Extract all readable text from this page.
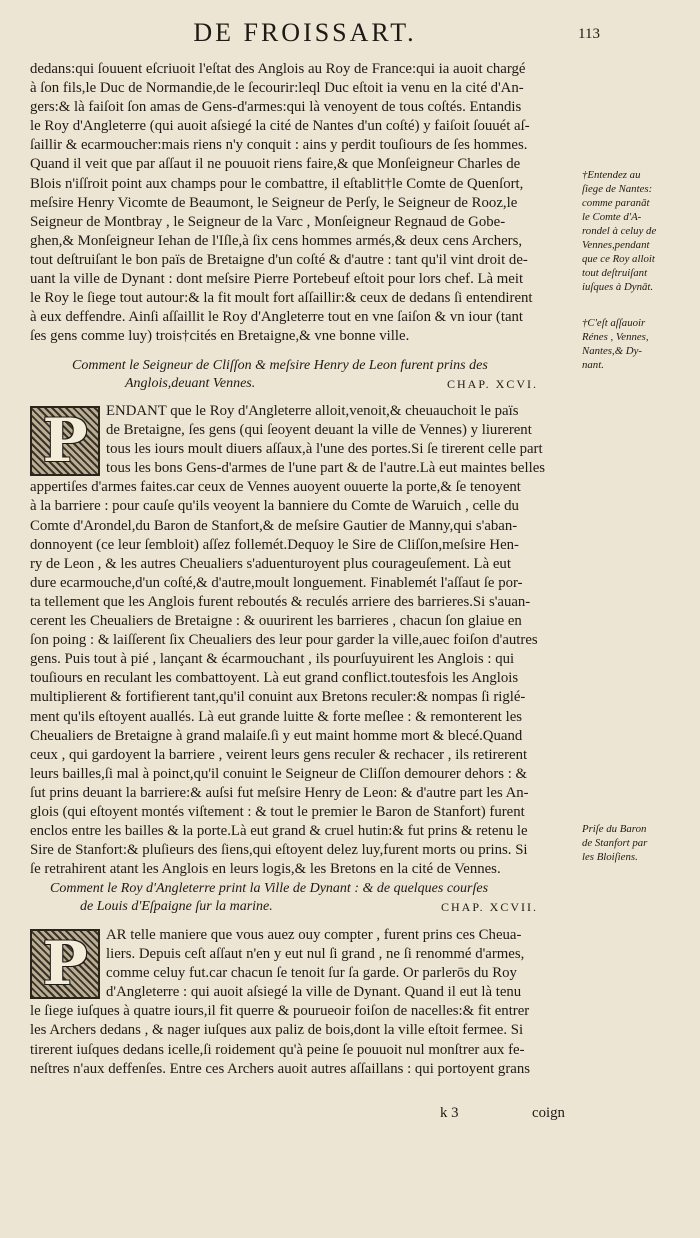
DE FROISSART.	113
dedans:qui ſouuent eſcriuoit l'eſtat des Anglois au Roy de France:qui ia auoit chargé
à ſon fils,le Duc de Normandie,de le ſecourir:leql Duc eſtoit ia venu en la cité d'An-
gers:& là faiſoit ſon amas de Gens-d'armes:qui là venoyent de tous coſtés. Entandis
le Roy d'Angleterre (qui auoit aſsiegé la cité de Nantes d'un coſté) y faiſoit ſouuét aſ-
ſaillir & ecarmoucher:mais riens n'y conquit : ains y perdit touſiours de ſes hommes.
Quand il veit que par aſſaut il ne pouuoit riens faire,& que Monſeigneur Charles de
Blois n'iſſroit point aux champs pour le combattre, il eſtablit†le Comte de Quenſort,
meſsire Henry Vicomte de Beaumont, le Seigneur de Perſy, le Seigneur de Rooz,le
Seigneur de Montbray , le Seigneur de la Varc , Monſeigneur Regnaud de Gobe-
ghen,& Monſeigneur Iehan de l'Iſle,à ſix cens hommes armés,& deux cens Archers,
tout deſtruiſant le bon païs de Bretaigne d'un coſté & d'autre : tant qu'il vint droit de-
uant la ville de Dynant : dont meſsire Pierre Portebeuf eſtoit pour lors chef. Là meit
le Roy le ſiege tout autour:& la fit moult fort aſſaillir:& ceux de dedans ſi entendirent
à eux deffendre. Ainſi aſſaillit le Roy d'Angleterre tout en vne ſaiſon & vn iour (tant
ſes gens comme luy) trois†cités en Bretaigne,& vne bonne ville.
Comment le Seigneur de Cliſſon & meſsire Henry de Leon furent prins des
Anglois,deuant Vennes.	CHAP. XCVI.
P	ENDANT que le Roy d'Angleterre alloit,venoit,& cheuauchoit le païs
de Bretaigne, ſes gens (qui ſeoyent deuant la ville de Vennes) y liurerent
tous les iours moult diuers aſſaux,à l'une des portes.Si ſe tirerent celle part
tous les bons Gens-d'armes de l'une part & de l'autre.Là eut maintes belles
appertiſes d'armes faites.car ceux de Vennes auoyent ouuerte la porte,& ſe tenoyent
à la barriere : pour cauſe qu'ils veoyent la banniere du Comte de Waruich , celle du
Comte d'Arondel,du Baron de Stanfort,& de meſsire Gautier de Manny,qui s'aban-
donnoyent (ce leur ſembloit) aſſez follemét.Dequoy le Sire de Cliſſon,meſsire Hen-
ry de Leon , & les autres Cheualiers s'aduenturoyent plus courageuſement. Là eut
dure ecarmouche,d'un coſté,& d'autre,moult longuement. Finablemét l'aſſaut ſe por-
ta tellement que les Anglois furent reboutés & reculés arriere des barrieres.Si s'auan-
cerent les Cheualiers de Bretaigne : & ouurirent les barrieres , chacun ſon glaiue en
ſon poing : & laiſſerent ſix Cheualiers des leur pour garder la ville,auec foiſon d'autres
gens. Puis tout à pié , lançant & écarmouchant , ils pourſuyuirent les Anglois : qui
touſiours en reculant les combattoyent. Là eut grand conflict.toutesfois les Anglois
multiplierent & fortifierent tant,qu'il conuint aux Bretons reculer:& nompas ſi riglé-
ment qu'ils eſtoyent auallés. Là eut grande luitte & forte meſlee : & remonterent les
Cheualiers de Bretaigne à grand malaiſe.ſi y eut maint homme mort & blecé.Quand
ceux , qui gardoyent la barriere , veirent leurs gens reculer & rechacer , ils retirerent
leurs bailles,ſi mal à poinct,qu'il conuint le Seigneur de Cliſſon demourer dehors : &
ſut prins deuant la barriere:& auſsi fut meſsire Henry de Leon: & d'autre part les An-
glois (qui eſtoyent montés viſtement : & tout le premier le Baron de Stanfort) furent
enclos entre les bailles & la porte.Là eut grand & cruel hutin:& fut prins & retenu le
Sire de Stanfort:& pluſieurs des ſiens,qui eſtoyent delez luy,furent morts ou prins. Si
ſe retrahirent atant les Anglois en leurs logis,& les Bretons en la cité de Vennes.
Comment le Roy d'Angleterre print la Ville de Dynant : & de quelques courſes
de Louis d'Eſpaigne ſur la marine.	CHAP. XCVII.
P	AR telle maniere que vous auez ouy compter , furent prins ces Cheua-
liers. Depuis ceſt aſſaut n'en y eut nul ſi grand , ne ſi renommé d'armes,
comme celuy fut.car chacun ſe tenoit ſur ſa garde. Or parlerōs du Roy
d'Angleterre : qui auoit aſsiegé la ville de Dynant. Quand il eut là tenu
le ſiege iuſques à quatre iours,il fit querre & pourueoir foiſon de nacelles:& fit entrer
les Archers dedans , & nager iuſques aux paliz de bois,dont la ville eſtoit fermee. Si
tirerent iuſques dedans icelle,ſi roidement qu'à peine ſe pouuoit nul monſtrer aux fe-
neſtres n'aux deffenſes. Entre ces Archers auoit autres aſſaillans : qui portoyent grans
k 3	coign
†Entendez au
ſiege de Nantes:
comme paranāt
le Comte d'A-
rondel à celuy de
Vennes,pendant
que ce Roy alloit
tout deſtruiſant
iuſques à Dynāt.
†C'eſt aſſauoir
Rénes , Vennes,
Nantes,& Dy-
nant.
Priſe du Baron
de Stanfort par
les Bloiſiens.
